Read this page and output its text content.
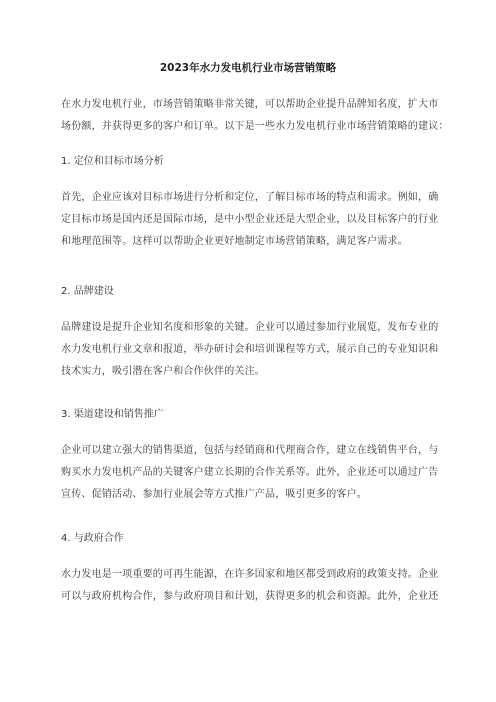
2023年水力发电机行业市场营销策略
在水力发电机行业，市场营销策略非常关键，可以帮助企业提升品牌知名度，扩大市
场份额，并获得更多的客户和订单。以下是一些水力发电机行业市场营销策略的建议：
1. 定位和目标市场分析
首先，企业应该对目标市场进行分析和定位，了解目标市场的特点和需求。例如，确
定目标市场是国内还是国际市场，是中小型企业还是大型企业，以及目标客户的行业
和地理范围等。这样可以帮助企业更好地制定市场营销策略，满足客户需求。
2. 品牌建设
品牌建设是提升企业知名度和形象的关键。企业可以通过参加行业展览，发布专业的
水力发电机行业文章和报道，举办研讨会和培训课程等方式，展示自己的专业知识和
技术实力，吸引潜在客户和合作伙伴的关注。
3. 渠道建设和销售推广
企业可以建立强大的销售渠道，包括与经销商和代理商合作，建立在线销售平台，与
购买水力发电机产品的关键客户建立长期的合作关系等。此外，企业还可以通过广告
宣传、促销活动、参加行业展会等方式推广产品，吸引更多的客户。
4. 与政府合作
水力发电是一项重要的可再生能源，在许多国家和地区都受到政府的政策支持。企业
可以与政府机构合作，参与政府项目和计划，获得更多的机会和资源。此外，企业还
